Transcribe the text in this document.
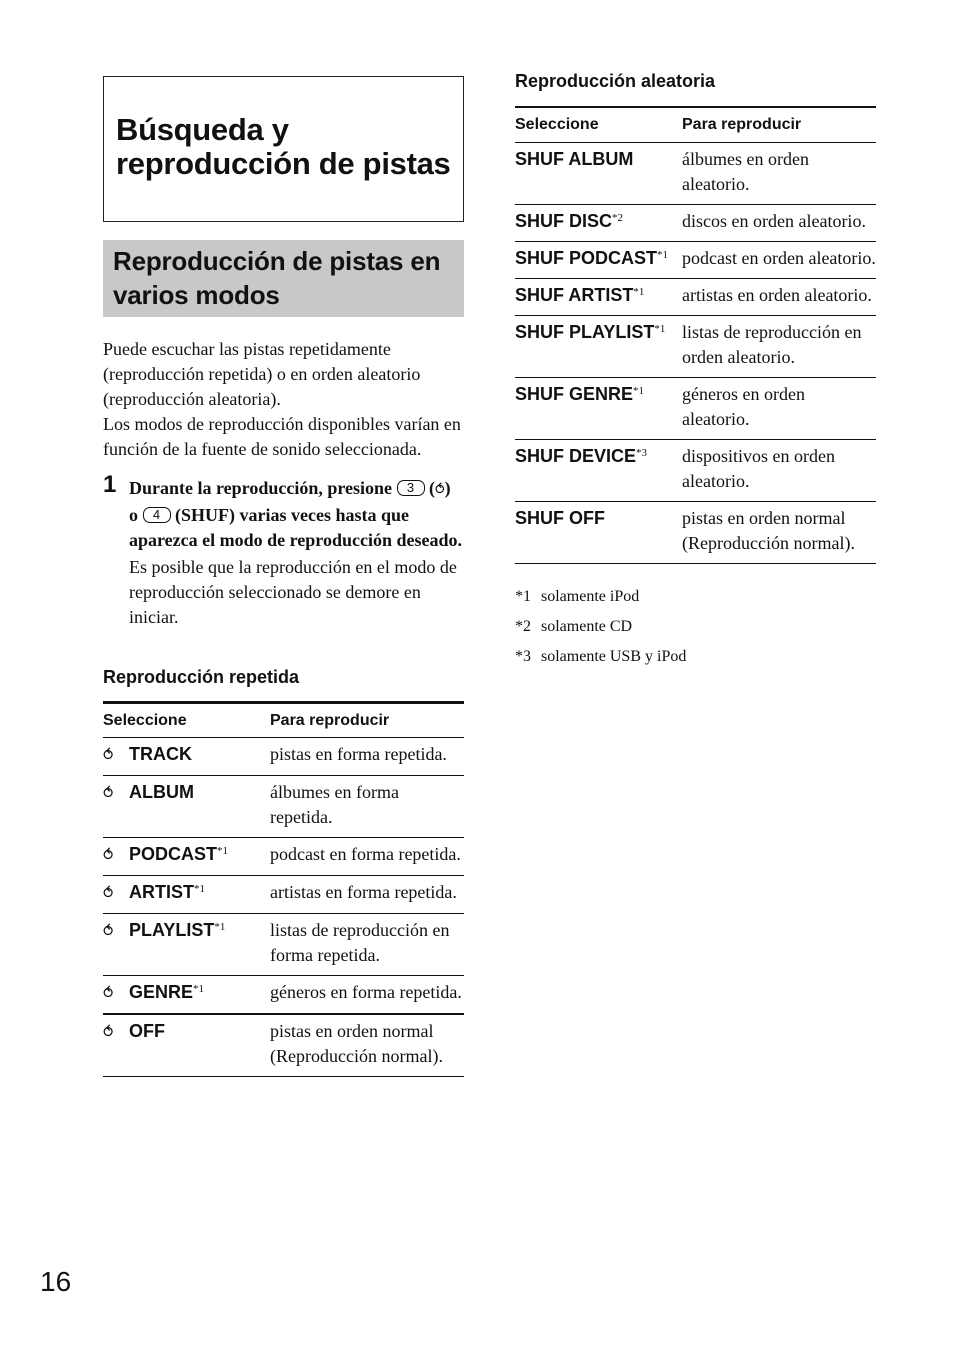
Búsqueda y reproducción de pistas
Reproducción de pistas en varios modos

Puede escuchar las pistas repetidamente (reproducción repetida) o en orden aleatorio (reproducción aleatoria).

Los modos de reproducción disponibles varían en función de la fuente de sonido seleccionada.

1 Durante la reproducción, presione 3 (⥀) o 4 (SHUF) varias veces hasta que aparezca el modo de reproducción deseado.

Es posible que la reproducción en el modo de reproducción seleccionado se demore en iniciar.

Reproducción repetida
Seleccione	Para reproducir
⥀ TRACK	pistas en forma repetida.
⥀ ALBUM	álbumes en forma repetida.
⥀ PODCAST$^{*1}$	podcast en forma repetida.
⥀ ARTIST$^{*1}$	artistas en forma repetida.
⥀ PLAYLIST$^{*1}$	listas de reproducción en forma repetida.
⥀ GENRE$^{*1}$	géneros en forma repetida.
⥀ OFF	pistas en orden normal (Reproducción normal).
Reproducción aleatoria
Seleccione	Para reproducir
SHUF ALBUM	álbumes en orden aleatorio.
SHUF DISC$^{*2}$	discos en orden aleatorio.
SHUF PODCAST$^{*1}$	podcast en orden aleatorio.
SHUF ARTIST$^{*1}$	artistas en orden aleatorio.
SHUF PLAYLIST$^{*1}$	listas de reproducción en orden aleatorio.
SHUF GENRE$^{*1}$	géneros en orden aleatorio.
SHUF DEVICE$^{*3}$	dispositivos en orden aleatorio.
SHUF OFF	pistas en orden normal (Reproducción normal).
*1 solamente iPod
*2 solamente CD
*3 solamente USB y iPod
16
